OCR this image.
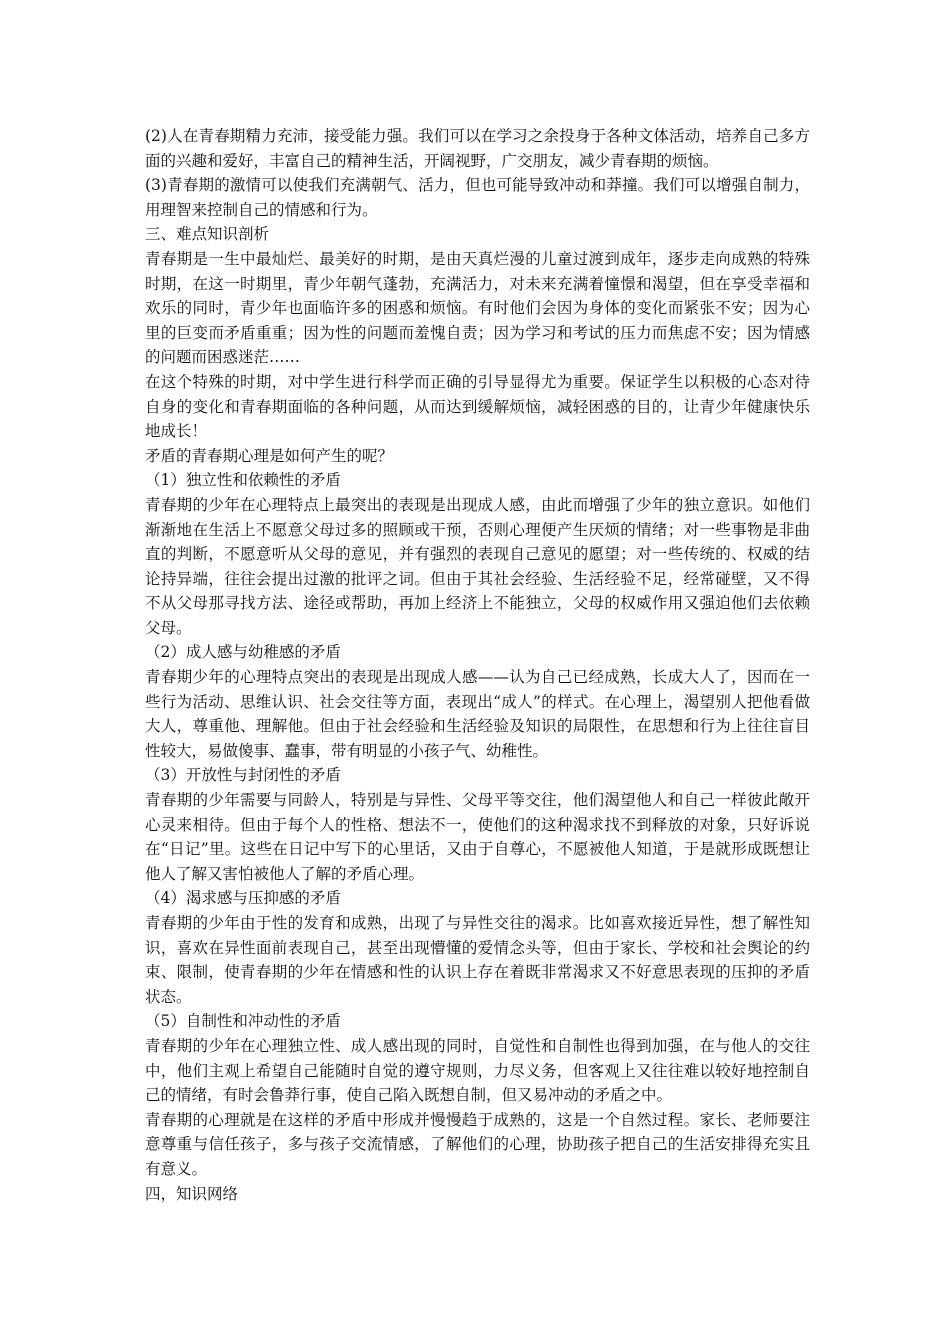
(2)人在青春期精力充沛，接受能力强。我们可以在学习之余投身于各种文体活动，培养自己多方面的兴趣和爱好，丰富自己的精神生活，开阔视野，广交朋友，减少青春期的烦恼。

(3)青春期的激情可以使我们充满朝气、活力，但也可能导致冲动和莽撞。我们可以增强自制力，用理智来控制自己的情感和行为。

三、难点知识剖析

青春期是一生中最灿烂、最美好的时期，是由天真烂漫的儿童过渡到成年，逐步走向成熟的特殊时期，在这一时期里，青少年朝气蓬勃，充满活力，对未来充满着憧憬和渴望，但在享受幸福和欢乐的同时，青少年也面临许多的困惑和烦恼。有时他们会因为身体的变化而紧张不安；因为心里的巨变而矛盾重重；因为性的问题而羞愧自责；因为学习和考试的压力而焦虑不安；因为情感的问题而困惑迷茫……

在这个特殊的时期，对中学生进行科学而正确的引导显得尤为重要。保证学生以积极的心态对待自身的变化和青春期面临的各种问题，从而达到缓解烦恼，减轻困惑的目的，让青少年健康快乐地成长！

矛盾的青春期心理是如何产生的呢？

（1）独立性和依赖性的矛盾

青春期的少年在心理特点上最突出的表现是出现成人感，由此而增强了少年的独立意识。如他们渐渐地在生活上不愿意父母过多的照顾或干预，否则心理便产生厌烦的情绪；对一些事物是非曲直的判断，不愿意听从父母的意见，并有强烈的表现自己意见的愿望；对一些传统的、权威的结论持异端，往往会提出过激的批评之词。但由于其社会经验、生活经验不足，经常碰壁，又不得不从父母那寻找方法、途径或帮助，再加上经济上不能独立，父母的权威作用又强迫他们去依赖父母。

（2）成人感与幼稚感的矛盾

青春期少年的心理特点突出的表现是出现成人感——认为自己已经成熟，长成大人了，因而在一些行为活动、思维认识、社会交往等方面，表现出“成人”的样式。在心理上，渴望别人把他看做大人，尊重他、理解他。但由于社会经验和生活经验及知识的局限性，在思想和行为上往往盲目性较大，易做傻事、蠢事，带有明显的小孩子气、幼稚性。

（3）开放性与封闭性的矛盾

青春期的少年需要与同龄人，特别是与异性、父母平等交往，他们渴望他人和自己一样彼此敞开心灵来相待。但由于每个人的性格、想法不一，使他们的这种渴求找不到释放的对象，只好诉说在“日记”里。这些在日记中写下的心里话，又由于自尊心，不愿被他人知道，于是就形成既想让他人了解又害怕被他人了解的矛盾心理。

（4）渴求感与压抑感的矛盾

青春期的少年由于性的发育和成熟，出现了与异性交往的渴求。比如喜欢接近异性，想了解性知识，喜欢在异性面前表现自己，甚至出现懵懂的爱情念头等，但由于家长、学校和社会舆论的约束、限制，使青春期的少年在情感和性的认识上存在着既非常渴求又不好意思表现的压抑的矛盾状态。

（5）自制性和冲动性的矛盾

青春期的少年在心理独立性、成人感出现的同时，自觉性和自制性也得到加强，在与他人的交往中，他们主观上希望自己能随时自觉的遵守规则，力尽义务，但客观上又往往难以较好地控制自己的情绪，有时会鲁莽行事，使自己陷入既想自制，但又易冲动的矛盾之中。

青春期的心理就是在这样的矛盾中形成并慢慢趋于成熟的，这是一个自然过程。家长、老师要注意尊重与信任孩子，多与孩子交流情感，了解他们的心理，协助孩子把自己的生活安排得充实且有意义。

四，知识网络
